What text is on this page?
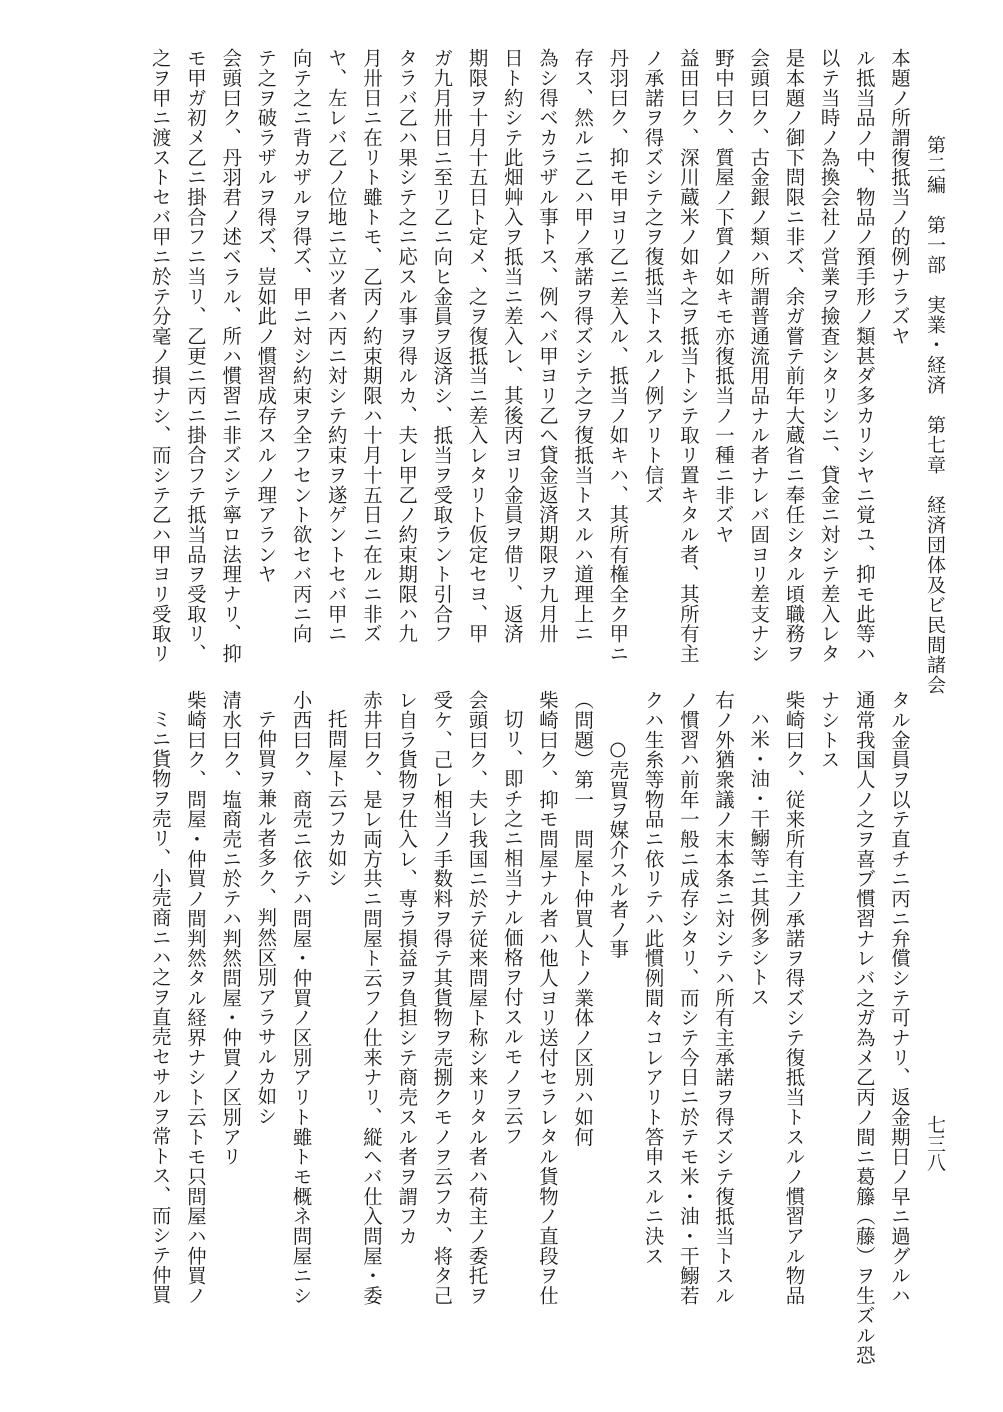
第二編　第一部　実業・経済　第七章　経済団体及ビ民間諸会
七三八
本題ノ所謂復抵当ノ的例ナラズヤ
ル抵当品ノ中、物品ノ預手形ノ類甚ダ多カリシヤニ覚ユ、抑モ此等ハ
以テ当時ノ為換会社ノ営業ヲ撿査シタリシニ、貸金ニ対シテ差入レタ
是本題ノ御下問限ニ非ズ、余ガ嘗テ前年大蔵省ニ奉任シタル頃職務ヲ
会頭曰ク、古金銀ノ類ハ所謂普通流用品ナル者ナレバ固ヨリ差支ナシ
野中曰ク、質屋ノ下質ノ如キモ亦復抵当ノ一種ニ非ズヤ
益田曰ク、深川蔵米ノ如キ之ヲ抵当トシテ取リ置キタル者、其所有主
ノ承諾ヲ得ズシテ之ヲ復抵当トスルノ例アリト信ズ
丹羽曰ク、抑モ甲ヨリ乙ニ差入ル、抵当ノ如キハ、其所有権全ク甲ニ
存ス、然ルニ乙ハ甲ノ承諾ヲ得ズシテ之ヲ復抵当トスルハ道理上ニ
為シ得ベカラザル事トス、例ヘバ甲ヨリ乙ヘ貸金返済期限ヲ九月卅
日ト約シテ此畑艸入ヲ抵当ニ差入レ、其後丙ヨリ金員ヲ借リ、返済
期限ヲ十月十五日ト定メ、之ヲ復抵当ニ差入レタリト仮定セヨ、甲
ガ九月卅日ニ至リ乙ニ向ヒ金員ヲ返済シ、抵当ヲ受取ラント引合フ
タラバ乙ハ果シテ之ニ応スル事ヲ得ルカ、夫レ甲乙ノ約束期限ハ九
月卅日ニ在リト雖トモ、乙丙ノ約束期限ハ十月十五日ニ在ルニ非ズ
ヤ、左レバ乙ノ位地ニ立ツ者ハ丙ニ対シテ約束ヲ遂ゲントセバ甲ニ
向テ之ニ背カザルヲ得ズ、甲ニ対シ約束ヲ全フセント欲セバ丙ニ向
テ之ヲ破ラザルヲ得ズ、豈如此ノ慣習成存スルノ理アランヤ
会頭曰ク、丹羽君ノ述ベラル、所ハ慣習ニ非ズシテ寧ロ法理ナリ、抑
モ甲ガ初メ乙ニ掛合フニ当リ、乙更ニ丙ニ掛合フテ抵当品ヲ受取リ、
之ヲ甲ニ渡ストセバ甲ニ於テ分毫ノ損ナシ、而シテ乙ハ甲ヨリ受取リ
タル金員ヲ以テ直チニ丙ニ弁償シテ可ナリ、返金期日ノ早ニ過グルハ
通常我国人ノ之ヲ喜ブ慣習ナレバ之ガ為メ乙丙ノ間ニ葛籐（藤）ヲ生ズル恐
ナシトス
柴崎曰ク、従来所有主ノ承諾ヲ得ズシテ復抵当トスルノ慣習アル物品
ハ米・油・干鰯等ニ其例多シトス
右ノ外猶衆議ノ末本条ニ対シテハ所有主承諾ヲ得ズシテ復抵当トスル
ノ慣習ハ前年一般ニ成存シタリ、而シテ今日ニ於テモ米・油・干鰯若
クハ生糸等物品ニ依リテハ此慣例間々コレアリト答申スルニ決ス
○売買ヲ媒介スル者ノ事
（問題）第一　問屋ト仲買人トノ業体ノ区別ハ如何
柴崎曰ク、抑モ問屋ナル者ハ他人ヨリ送付セラレタル貨物ノ直段ヲ仕
切リ、即チ之ニ相当ナル価格ヲ付スルモノヲ云フ
会頭曰ク、夫レ我国ニ於テ従来問屋ト称シ来リタル者ハ荷主ノ委托ヲ
受ケ、己レ相当ノ手数料ヲ得テ其貨物ヲ売捌クモノヲ云フカ、将タ己
レ自ラ貨物ヲ仕入レ、専ラ損益ヲ負担シテ商売スル者ヲ謂フカ
赤井曰ク、是レ両方共ニ問屋ト云フノ仕来ナリ、縦ヘバ仕入問屋・委
托問屋ト云フカ如シ
小西曰ク、商売ニ依テハ問屋・仲買ノ区別アリト雖トモ概ネ問屋ニシ
テ仲買ヲ兼ル者多ク、判然区別アラサルカ如シ
清水曰ク、塩商売ニ於テハ判然問屋・仲買ノ区別アリ
柴崎曰ク、問屋・仲買ノ間判然タル経界ナシト云トモ只問屋ハ仲買ノ
ミニ貨物ヲ売リ、小売商ニハ之ヲ直売セサルヲ常トス、而シテ仲買
